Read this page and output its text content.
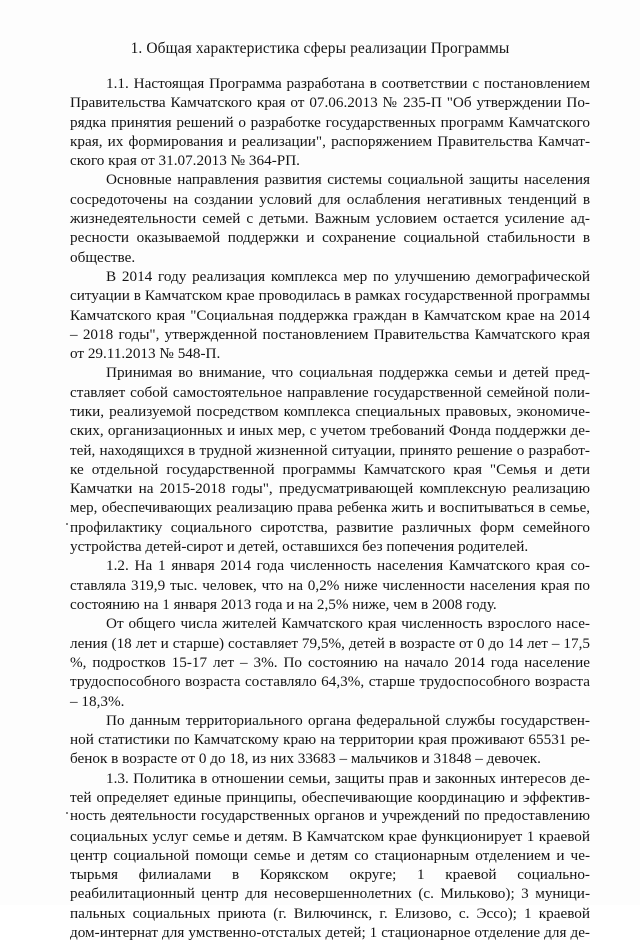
1. Общая характеристика сферы реализации Программы
1.1. Настоящая Программа разработана в соответствии с постановлением
Правительства Камчатского края от 07.06.2013 № 235-П "Об утверждении По-
рядка принятия решений о разработке государственных программ Камчатского
края, их формирования и реализации", распоряжением Правительства Камчат-
ского края от 31.07.2013 № 364-РП.
Основные направления развития системы социальной защиты населения
сосредоточены на создании условий для ослабления негативных тенденций в
жизнедеятельности семей с детьми. Важным условием остается усиление ад-
ресности оказываемой поддержки и сохранение социальной стабильности в
обществе.
В 2014 году реализация комплекса мер по улучшению демографической
ситуации в Камчатском крае проводилась в рамках государственной программы
Камчатского края "Социальная поддержка граждан в Камчатском крае на 2014
– 2018 годы", утвержденной постановлением Правительства Камчатского края
от 29.11.2013 № 548-П.
Принимая во внимание, что социальная поддержка семьи и детей пред-
ставляет собой самостоятельное направление государственной семейной поли-
тики, реализуемой посредством комплекса специальных правовых, экономиче-
ских, организационных и иных мер, с учетом требований Фонда поддержки де-
тей, находящихся в трудной жизненной ситуации, принято решение о разработ-
ке отдельной государственной программы Камчатского края "Семья и дети
Камчатки на 2015-2018 годы", предусматривающей комплексную реализацию
мер, обеспечивающих реализацию права ребенка жить и воспитываться в семье,
профилактику социального сиротства, развитие различных форм семейного
устройства детей-сирот и детей, оставшихся без попечения родителей.
1.2. На 1 января 2014 года численность населения Камчатского края со-
ставляла 319,9 тыс. человек, что на 0,2% ниже численности населения края по
состоянию на 1 января 2013 года и на 2,5% ниже, чем в 2008 году.
От общего числа жителей Камчатского края численность взрослого насе-
ления (18 лет и старше) составляет 79,5%, детей в возрасте от 0 до 14 лет – 17,5
%, подростков 15-17 лет – 3%. По состоянию на начало 2014 года население
трудоспособного возраста составляло 64,3%, старше трудоспособного возраста
– 18,3%.
По данным территориального органа федеральной службы государствен-
ной статистики по Камчатскому краю на территории края проживают 65531 ре-
бенок в возрасте от 0 до 18, из них 33683 – мальчиков и 31848 – девочек.
1.3. Политика в отношении семьи, защиты прав и законных интересов де-
тей определяет единые принципы, обеспечивающие координацию и эффектив-
ность деятельности государственных органов и учреждений по предоставлению
социальных услуг семье и детям. В Камчатском крае функционирует 1 краевой
центр социальной помощи семье и детям со стационарным отделением и че-
тырьмя филиалами в Корякском округе; 1 краевой социально-
реабилитационный центр для несовершеннолетних (с. Мильково); 3 муници-
пальных социальных приюта (г. Вилючинск, г. Елизово, с. Эссо); 1 краевой
дом-интернат для умственно-отсталых детей; 1 стационарное отделение для де-
